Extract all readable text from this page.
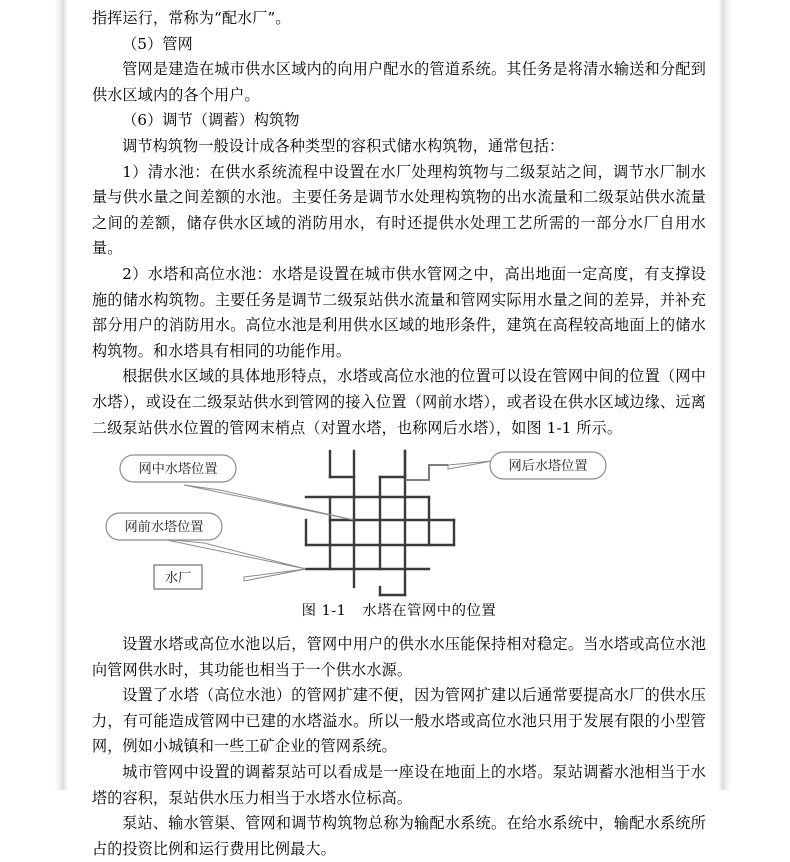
指挥运行，常称为“配水厂”。

（5）管网

管网是建造在城市供水区域内的向用户配水的管道系统。其任务是将清水输送和分配到供水区域内的各个用户。

（6）调节（调蓄）构筑物

调节构筑物一般设计成各种类型的容积式储水构筑物，通常包括：

1）清水池：在供水系统流程中设置在水厂处理构筑物与二级泵站之间，调节水厂制水量与供水量之间差额的水池。主要任务是调节水处理构筑物的出水流量和二级泵站供水流量之间的差额，储存供水区域的消防用水，有时还提供水处理工艺所需的一部分水厂自用水量。

2）水塔和高位水池：水塔是设置在城市供水管网之中，高出地面一定高度，有支撑设施的储水构筑物。主要任务是调节二级泵站供水流量和管网实际用水量之间的差异，并补充部分用户的消防用水。高位水池是利用供水区域的地形条件，建筑在高程较高地面上的储水构筑物。和水塔具有相同的功能作用。

根据供水区域的具体地形特点，水塔或高位水池的位置可以设在管网中间的位置（网中水塔），或设在二级泵站供水到管网的接入位置（网前水塔），或者设在供水区域边缘、远离二级泵站供水位置的管网末梢点（对置水塔，也称网后水塔），如图 1-1 所示。

网中水塔位置	网后水塔位置
网前水塔位置
水厂
图 1-1 水塔在管网中的位置

设置水塔或高位水池以后，管网中用户的供水水压能保持相对稳定。当水塔或高位水池向管网供水时，其功能也相当于一个供水水源。

设置了水塔（高位水池）的管网扩建不便，因为管网扩建以后通常要提高水厂的供水压力，有可能造成管网中已建的水塔溢水。所以一般水塔或高位水池只用于发展有限的小型管网，例如小城镇和一些工矿企业的管网系统。

城市管网中设置的调蓄泵站可以看成是一座设在地面上的水塔。泵站调蓄水池相当于水塔的容积，泵站供水压力相当于水塔水位标高。

泵站、输水管渠、管网和调节构筑物总称为输配水系统。在给水系统中，输配水系统所占的投资比例和运行费用比例最大。
